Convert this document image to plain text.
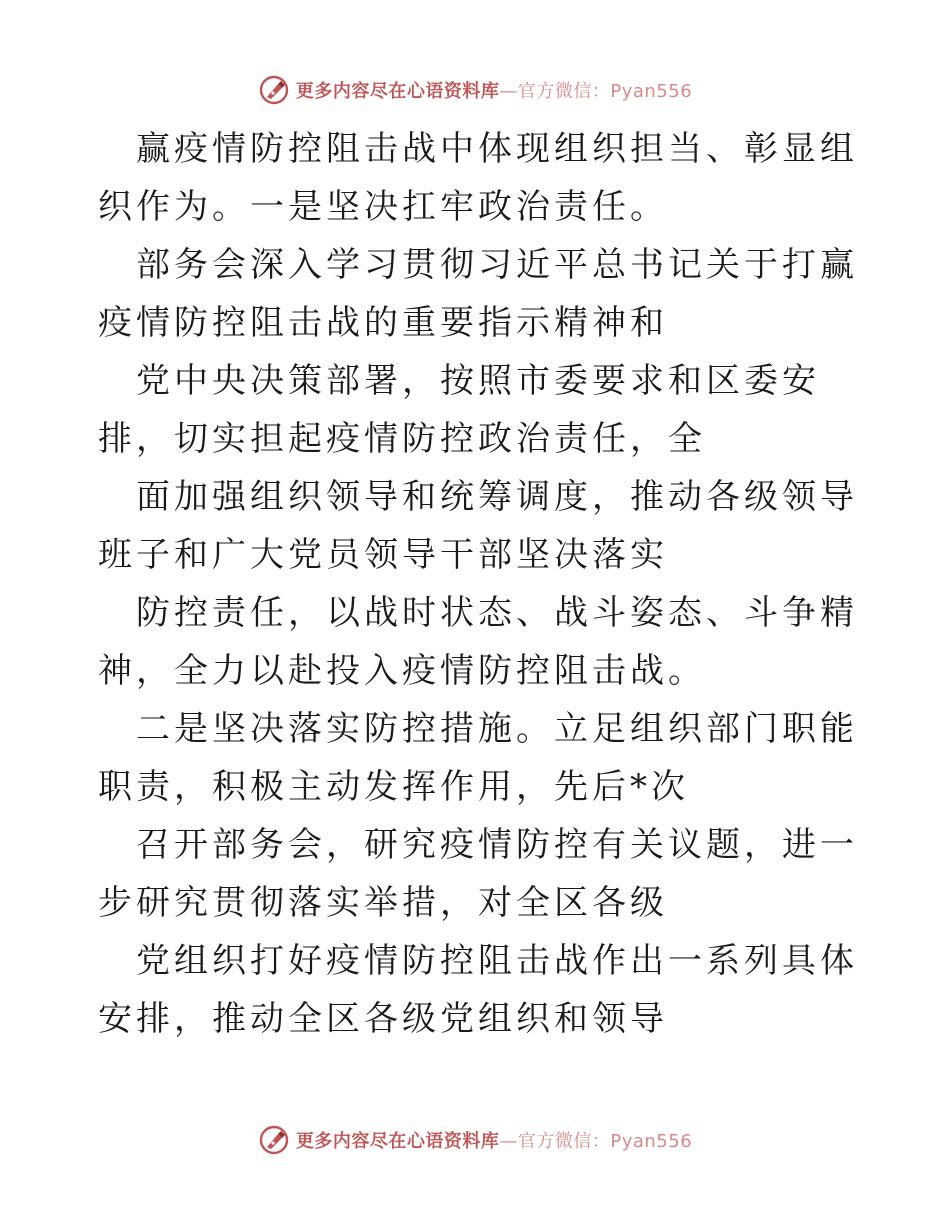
更多内容尽在心语资料库—官方微信：Pyan556

赢疫情防控阻击战中体现组织担当、彰显组织作为。一是坚决扛牢政治责任。

部务会深入学习贯彻习近平总书记关于打赢疫情防控阻击战的重要指示精神和

党中央决策部署，按照市委要求和区委安排，切实担起疫情防控政治责任，全

面加强组织领导和统筹调度，推动各级领导班子和广大党员领导干部坚决落实

防控责任，以战时状态、战斗姿态、斗争精神，全力以赴投入疫情防控阻击战。

二是坚决落实防控措施。立足组织部门职能职责，积极主动发挥作用，先后*次

召开部务会，研究疫情防控有关议题，进一步研究贯彻落实举措，对全区各级

党组织打好疫情防控阻击战作出一系列具体安排，推动全区各级党组织和领导

更多内容尽在心语资料库—官方微信：Pyan556
